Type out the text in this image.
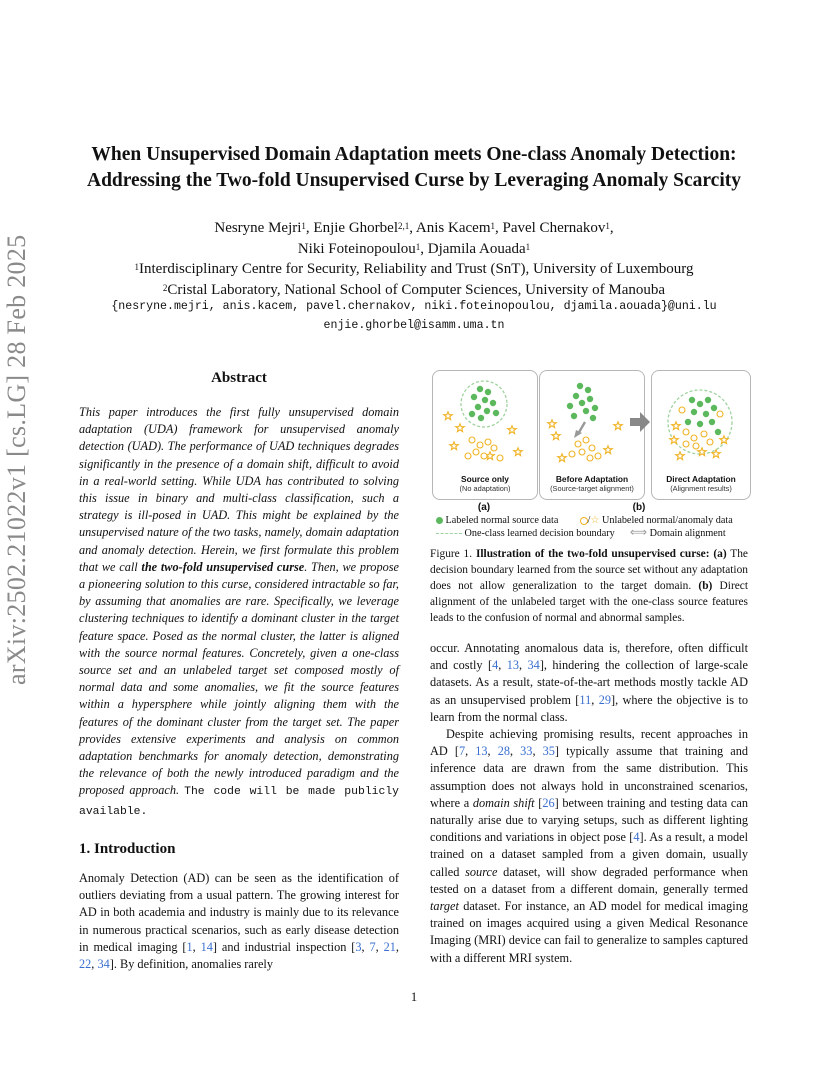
arXiv:2502.21022v1 [cs.LG] 28 Feb 2025
When Unsupervised Domain Adaptation meets One-class Anomaly Detection:
Addressing the Two-fold Unsupervised Curse by Leveraging Anomaly Scarcity
Nesryne Mejri$^1$, Enjie Ghorbel$^{2,1}$, Anis Kacem$^1$, Pavel Chernakov$^1$,
Niki Foteinopoulou$^1$, Djamila Aouada$^1$
$^1$Interdisciplinary Centre for Security, Reliability and Trust (SnT), University of Luxembourg
$^2$Cristal Laboratory, National School of Computer Sciences, University of Manouba
{nesryne.mejri, anis.kacem, pavel.chernakov, niki.foteinopoulou, djamila.aouada}@uni.lu
enjie.ghorbel@isamm.uma.tn
Abstract
This paper introduces the first fully unsupervised domain adaptation (UDA) framework for unsupervised anomaly detection (UAD). The performance of UAD techniques degrades significantly in the presence of a domain shift, difficult to avoid in a real-world setting. While UDA has contributed to solving this issue in binary and multi-class classification, such a strategy is ill-posed in UAD. This might be explained by the unsupervised nature of the two tasks, namely, domain adaptation and anomaly detection. Herein, we first formulate this problem that we call the two-fold unsupervised curse. Then, we propose a pioneering solution to this curse, considered intractable so far, by assuming that anomalies are rare. Specifically, we leverage clustering techniques to identify a dominant cluster in the target feature space. Posed as the normal cluster, the latter is aligned with the source normal features. Concretely, given a one-class source set and an unlabeled target set composed mostly of normal data and some anomalies, we fit the source features within a hypersphere while jointly aligning them with the features of the dominant cluster from the target set. The paper provides extensive experiments and analysis on common adaptation benchmarks for anomaly detection, demonstrating the relevance of both the newly introduced paradigm and the proposed approach. The code will be made publicly available.
1. Introduction
Anomaly Detection (AD) can be seen as the identification of outliers deviating from a usual pattern. The growing interest for AD in both academia and industry is mainly due to its relevance in numerous practical scenarios, such as early disease detection in medical imaging [1, 14] and industrial inspection [3, 7, 21, 22, 34]. By definition, anomalies rarely
Source only
(No adaptation)
Before Adaptation
(Source-target alignment)
Direct Adaptation
(Alignment results)
(a)	(b)
Labeled normal source data	/☆ Unlabeled normal/anomaly data
One-class learned decision boundary ⟺ Domain alignment
Figure 1. Illustration of the two-fold unsupervised curse: (a) The decision boundary learned from the source set without any adaptation does not allow generalization to the target domain. (b) Direct alignment of the unlabeled target with the one-class source features leads to the confusion of normal and abnormal samples.

occur. Annotating anomalous data is, therefore, often difficult and costly [4, 13, 34], hindering the collection of large-scale datasets. As a result, state-of-the-art methods mostly tackle AD as an unsupervised problem [11, 29], where the objective is to learn from the normal class.

Despite achieving promising results, recent approaches in AD [7, 13, 28, 33, 35] typically assume that training and inference data are drawn from the same distribution. This assumption does not always hold in unconstrained scenarios, where a domain shift [26] between training and testing data can naturally arise due to varying setups, such as different lighting conditions and variations in object pose [4]. As a result, a model trained on a dataset sampled from a given domain, usually called source dataset, will show degraded performance when tested on a dataset from a different domain, generally termed target dataset. For instance, an AD model for medical imaging trained on images acquired using a given Medical Resonance Imaging (MRI) device can fail to generalize to samples captured with a different MRI system.

1
